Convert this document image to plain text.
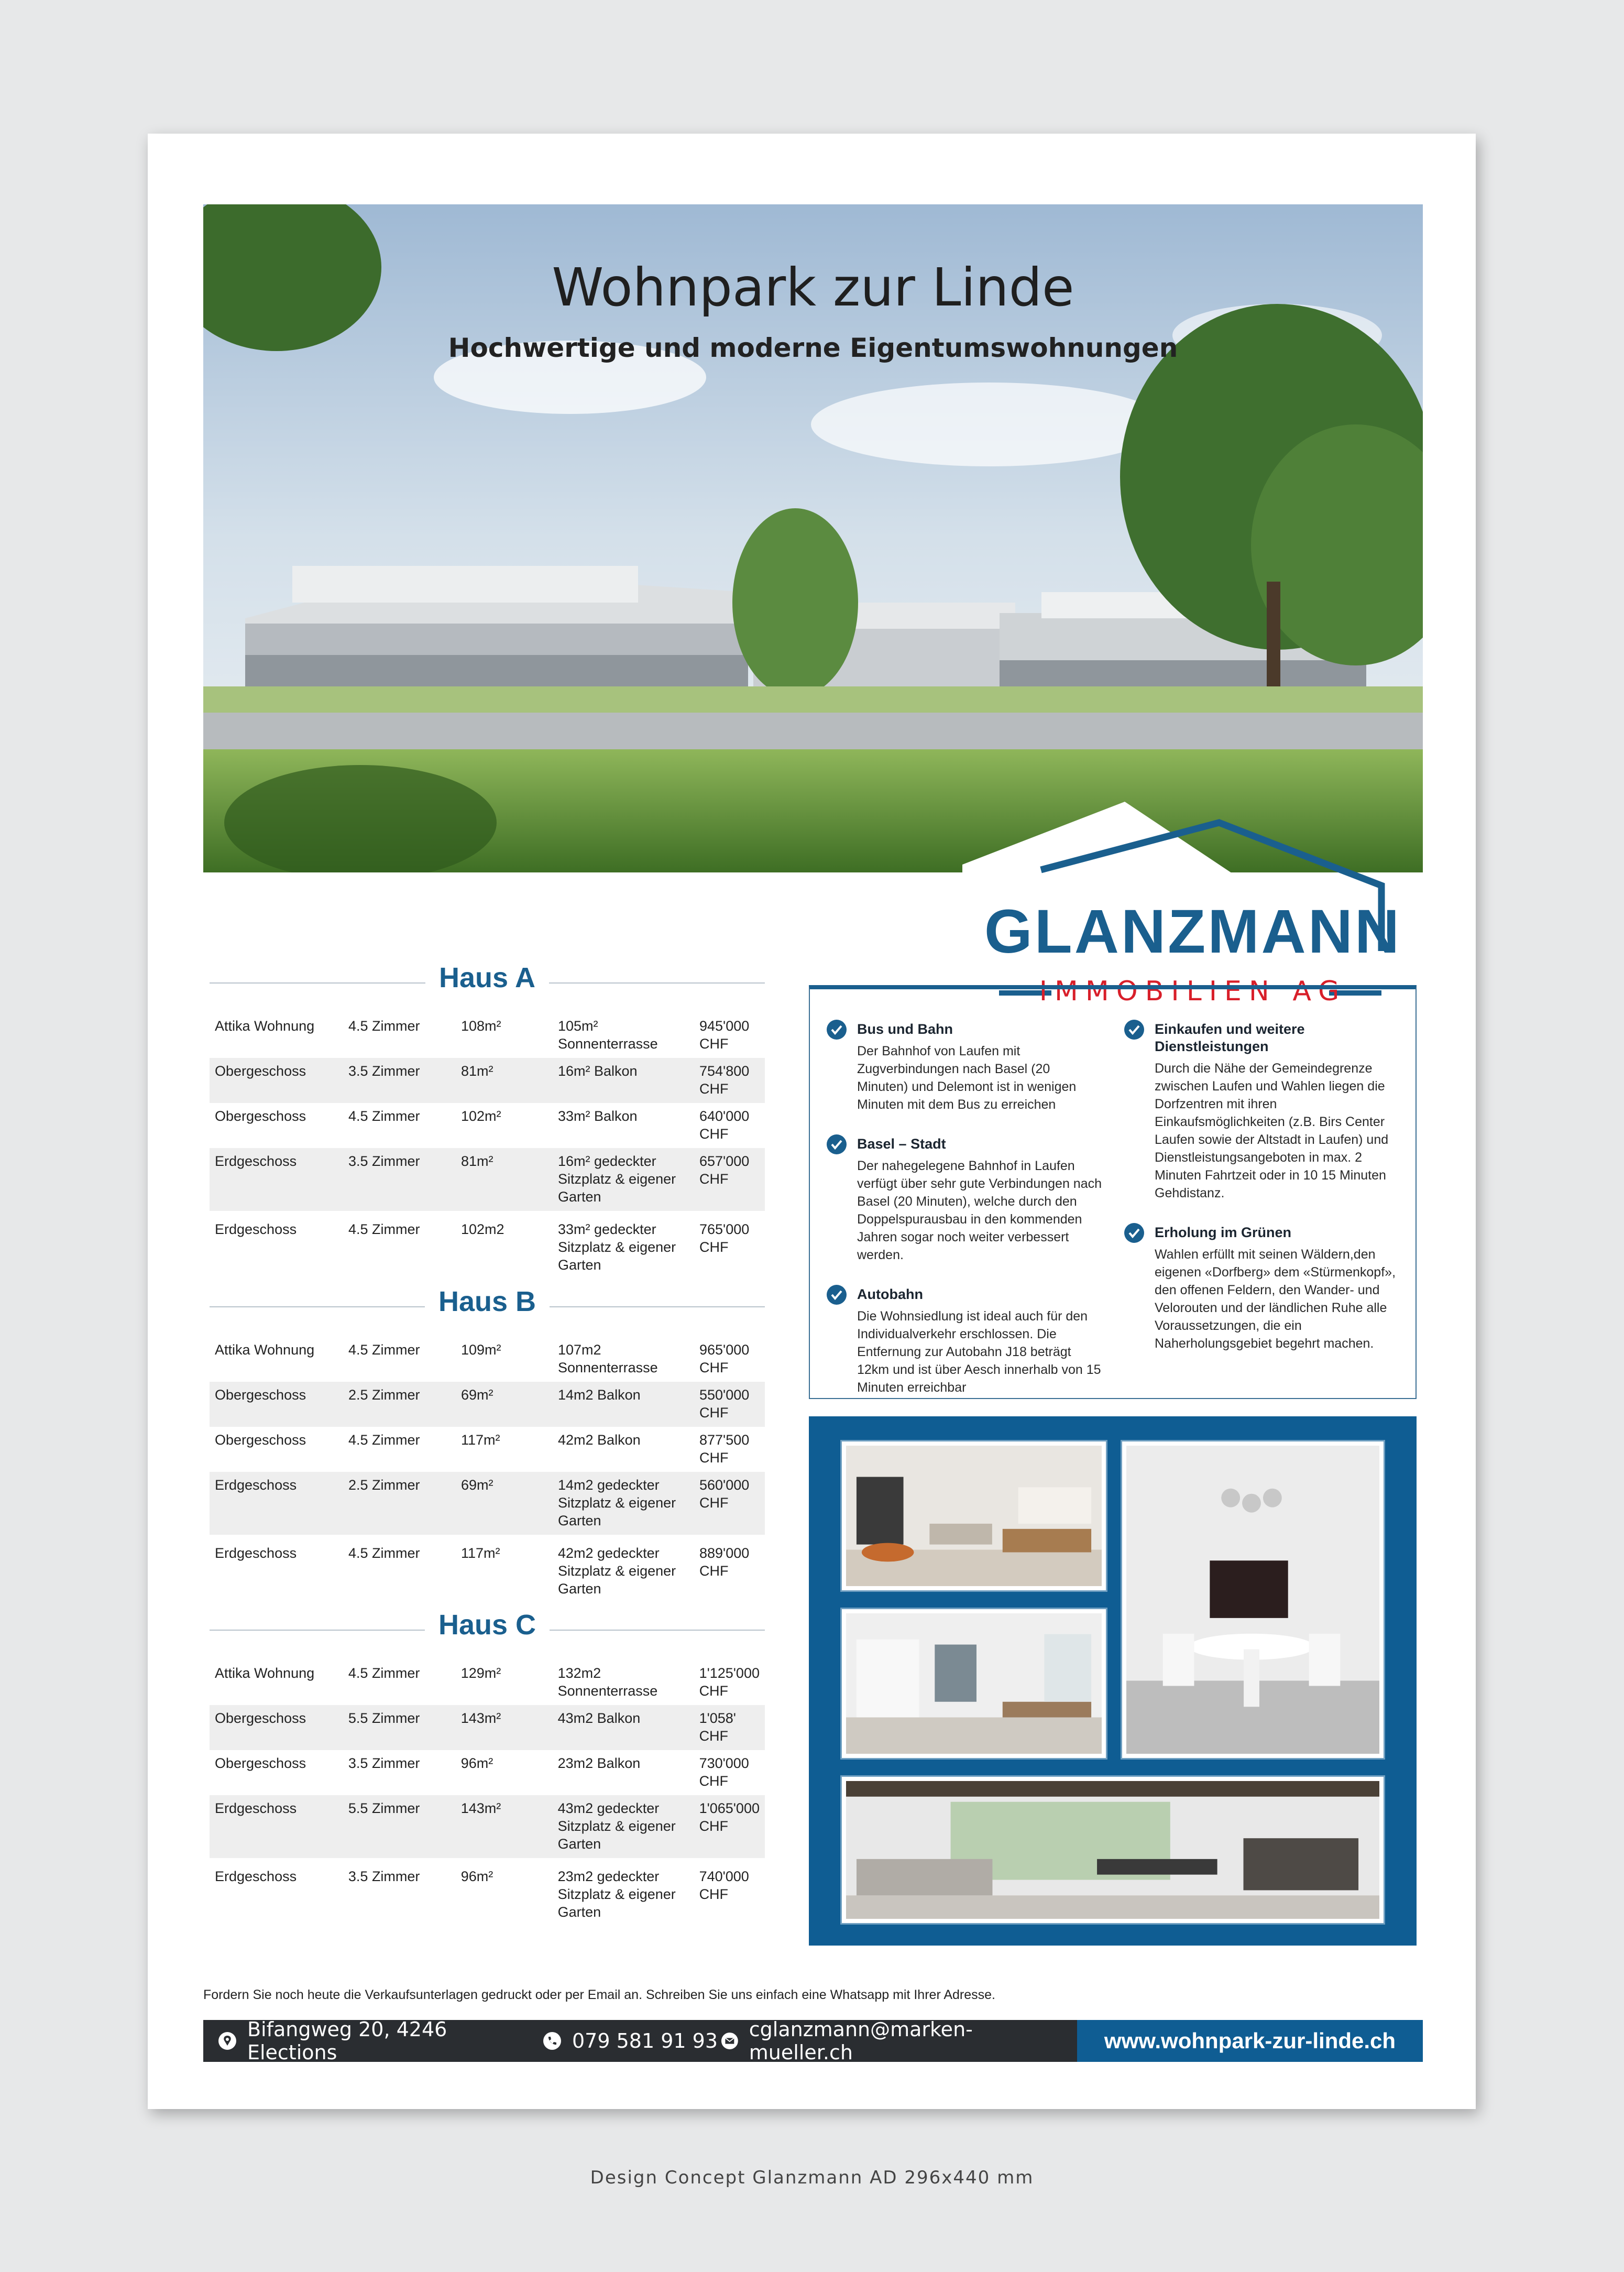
Wohnpark zur Linde
Hochwertige und moderne Eigentumswohnungen
GLANZMANN
IMMOBILIEN AG
Haus A
Attika Wohnung	4.5 Zimmer	108m²	105m² Sonnenterrasse	945'000 CHF
Obergeschoss	3.5 Zimmer	81m²	16m² Balkon	754'800 CHF
Obergeschoss	4.5 Zimmer	102m²	33m² Balkon	640'000 CHF
Erdgeschoss	3.5 Zimmer	81m²	16m² gedeckter Sitzplatz & eigener Garten	657'000 CHF

Erdgeschoss	4.5 Zimmer	102m2	33m² gedeckter Sitzplatz & eigener Garten	765'000 CHF
Haus B
Attika Wohnung	4.5 Zimmer	109m²	107m2 Sonnenterrasse	965'000 CHF
Obergeschoss	2.5 Zimmer	69m²	14m2 Balkon	550'000 CHF
Obergeschoss	4.5 Zimmer	117m²	42m2 Balkon	877'500 CHF
Erdgeschoss	2.5 Zimmer	69m²	14m2 gedeckter Sitzplatz & eigener Garten	560'000 CHF

Erdgeschoss	4.5 Zimmer	117m²	42m2 gedeckter Sitzplatz & eigener Garten	889'000 CHF
Haus C
Attika Wohnung	4.5 Zimmer	129m²	132m2 Sonnenterrasse	1'125'000 CHF
Obergeschoss	5.5 Zimmer	143m²	43m2 Balkon	1'058' CHF
Obergeschoss	3.5 Zimmer	96m²	23m2 Balkon	730'000 CHF
Erdgeschoss	5.5 Zimmer	143m²	43m2 gedeckter Sitzplatz & eigener Garten	1'065'000 CHF

Erdgeschoss	3.5 Zimmer	96m²	23m2 gedeckter Sitzplatz & eigener Garten	740'000 CHF
Bus und Bahn

Der Bahnhof von Laufen mit Zugverbindungen nach Basel (20 Minuten) und Delemont ist in wenigen Minuten mit dem Bus zu erreichen

Basel – Stadt

Der nahegelegene Bahnhof in Laufen verfügt über sehr gute Verbindungen nach Basel (20 Minuten), welche durch den Doppelspurausbau in den kommenden Jahren sogar noch weiter verbessert werden.

Autobahn

Die Wohnsiedlung ist ideal auch für den Individualverkehr erschlossen. Die Entfernung zur Autobahn J18 beträgt 12km und ist über Aesch innerhalb von 15 Minuten erreichbar

Einkaufen und weitere Dienstleistungen

Durch die Nähe der Gemeindegrenze zwischen Laufen und Wahlen liegen die Dorfzentren mit ihren Einkaufsmöglichkeiten (z.B. Birs Center Laufen sowie der Altstadt in Laufen) und Dienstleistungsangeboten in max. 2 Minuten Fahrtzeit oder in 10 15 Minuten Gehdistanz.

Erholung im Grünen

Wahlen erfüllt mit seinen Wäldern,den eigenen «Dorfberg» dem «Stürmenkopf», den offenen Feldern, den Wander- und Velorouten und der ländlichen Ruhe alle Voraussetzungen, die ein Naherholungsgebiet begehrt machen.

Fordern Sie noch heute die Verkaufsunterlagen gedruckt oder per Email an. Schreiben Sie uns einfach eine Whatsapp mit Ihrer Adresse.
Bifangweg 20, 4246 Elections	079 581 91 93 cglanzmann@marken-mueller.ch	www.wohnpark-zur-linde.ch
Design Concept Glanzmann AD 296x440 mm
